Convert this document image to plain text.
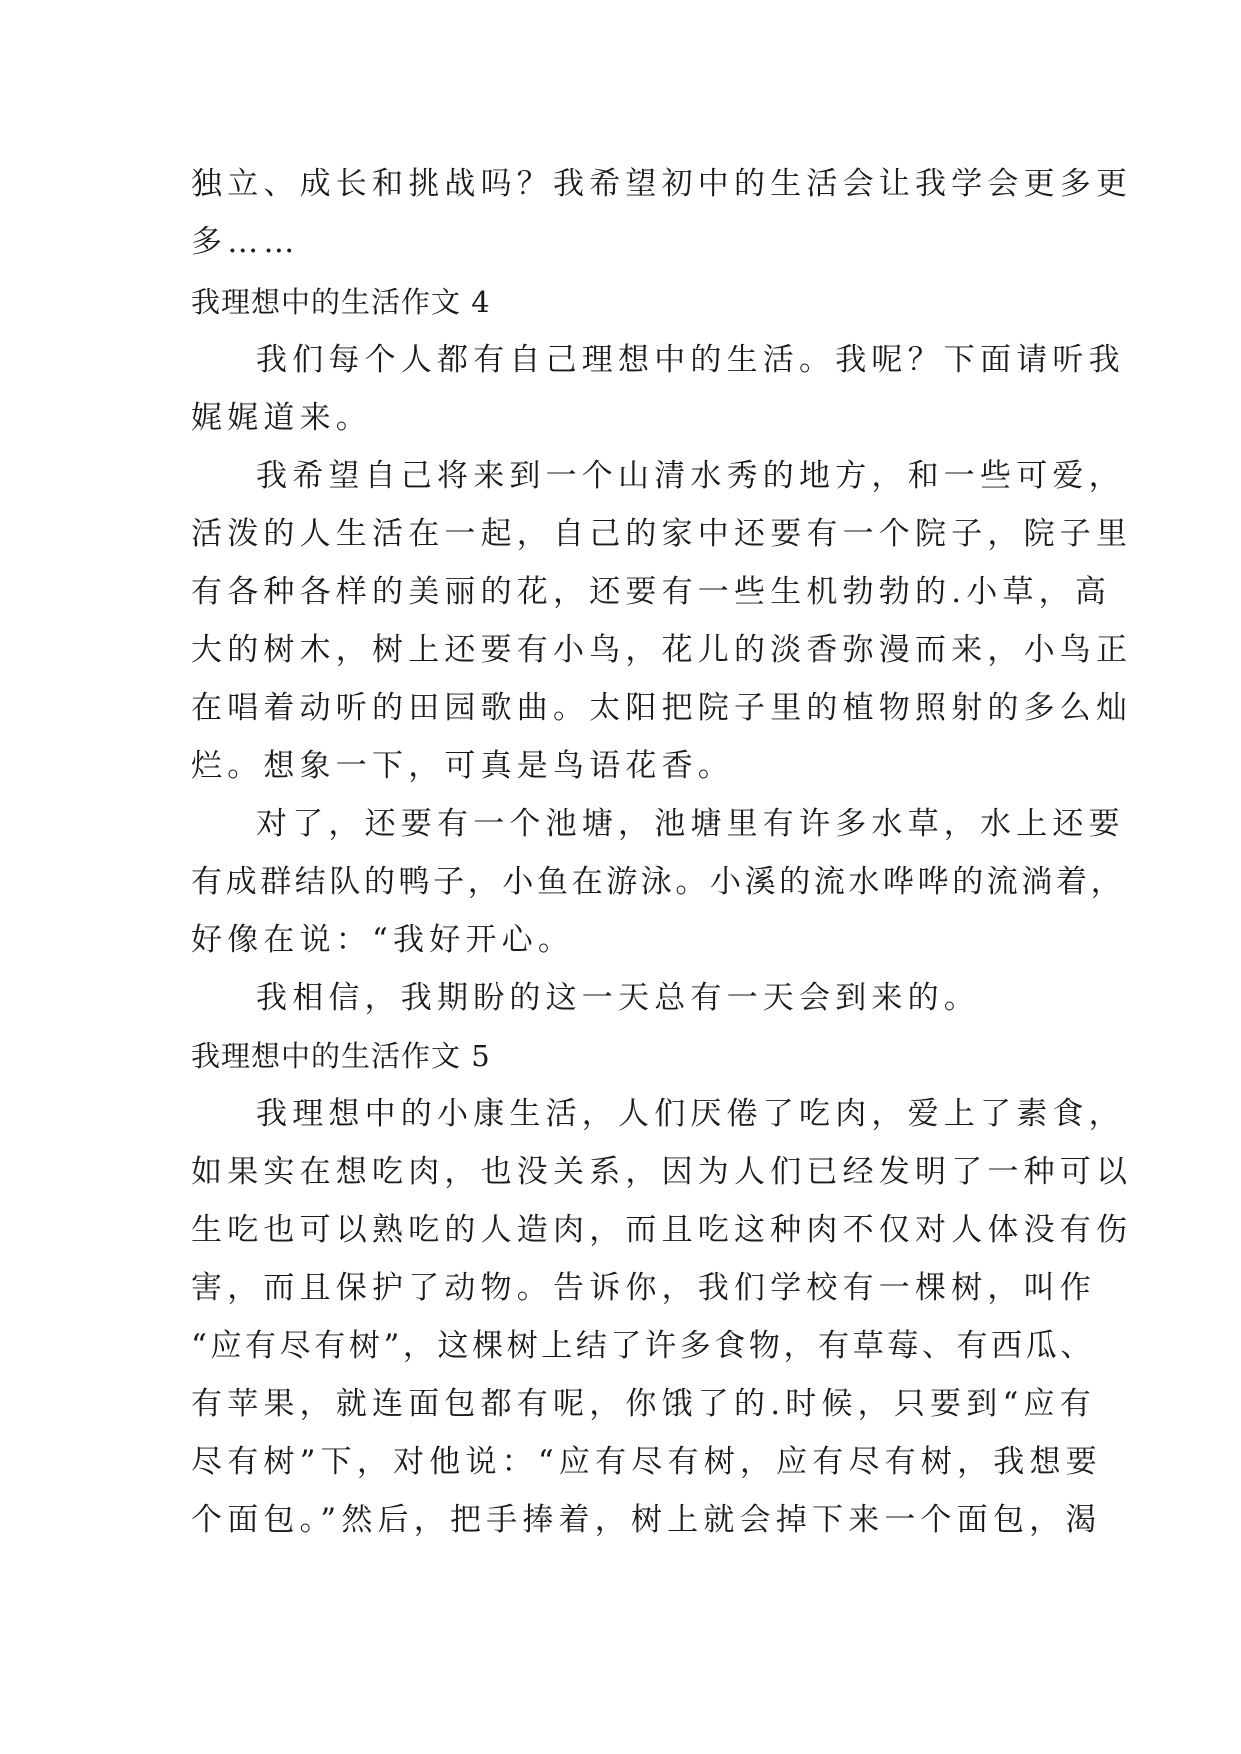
独立、成长和挑战吗？我希望初中的生活会让我学会更多更
多……
我理想中的生活作文 4
我们每个人都有自己理想中的生活。我呢？下面请听我
娓娓道来。
我希望自己将来到一个山清水秀的地方，和一些可爱，
活泼的人生活在一起，自己的家中还要有一个院子，院子里
有各种各样的美丽的花，还要有一些生机勃勃的.小草，高
大的树木，树上还要有小鸟，花儿的淡香弥漫而来，小鸟正
在唱着动听的田园歌曲。太阳把院子里的植物照射的多么灿
烂。想象一下，可真是鸟语花香。
对了，还要有一个池塘，池塘里有许多水草，水上还要
有成群结队的鸭子，小鱼在游泳。小溪的流水哗哗的流淌着，
好像在说：“我好开心。
我相信，我期盼的这一天总有一天会到来的。
我理想中的生活作文 5
我理想中的小康生活，人们厌倦了吃肉，爱上了素食，
如果实在想吃肉，也没关系，因为人们已经发明了一种可以
生吃也可以熟吃的人造肉，而且吃这种肉不仅对人体没有伤
害，而且保护了动物。告诉你，我们学校有一棵树，叫作
“应有尽有树”，这棵树上结了许多食物，有草莓、有西瓜、
有苹果，就连面包都有呢，你饿了的.时候，只要到“应有
尽有树”下，对他说：“应有尽有树，应有尽有树，我想要
个面包。”然后，把手捧着，树上就会掉下来一个面包，渴
